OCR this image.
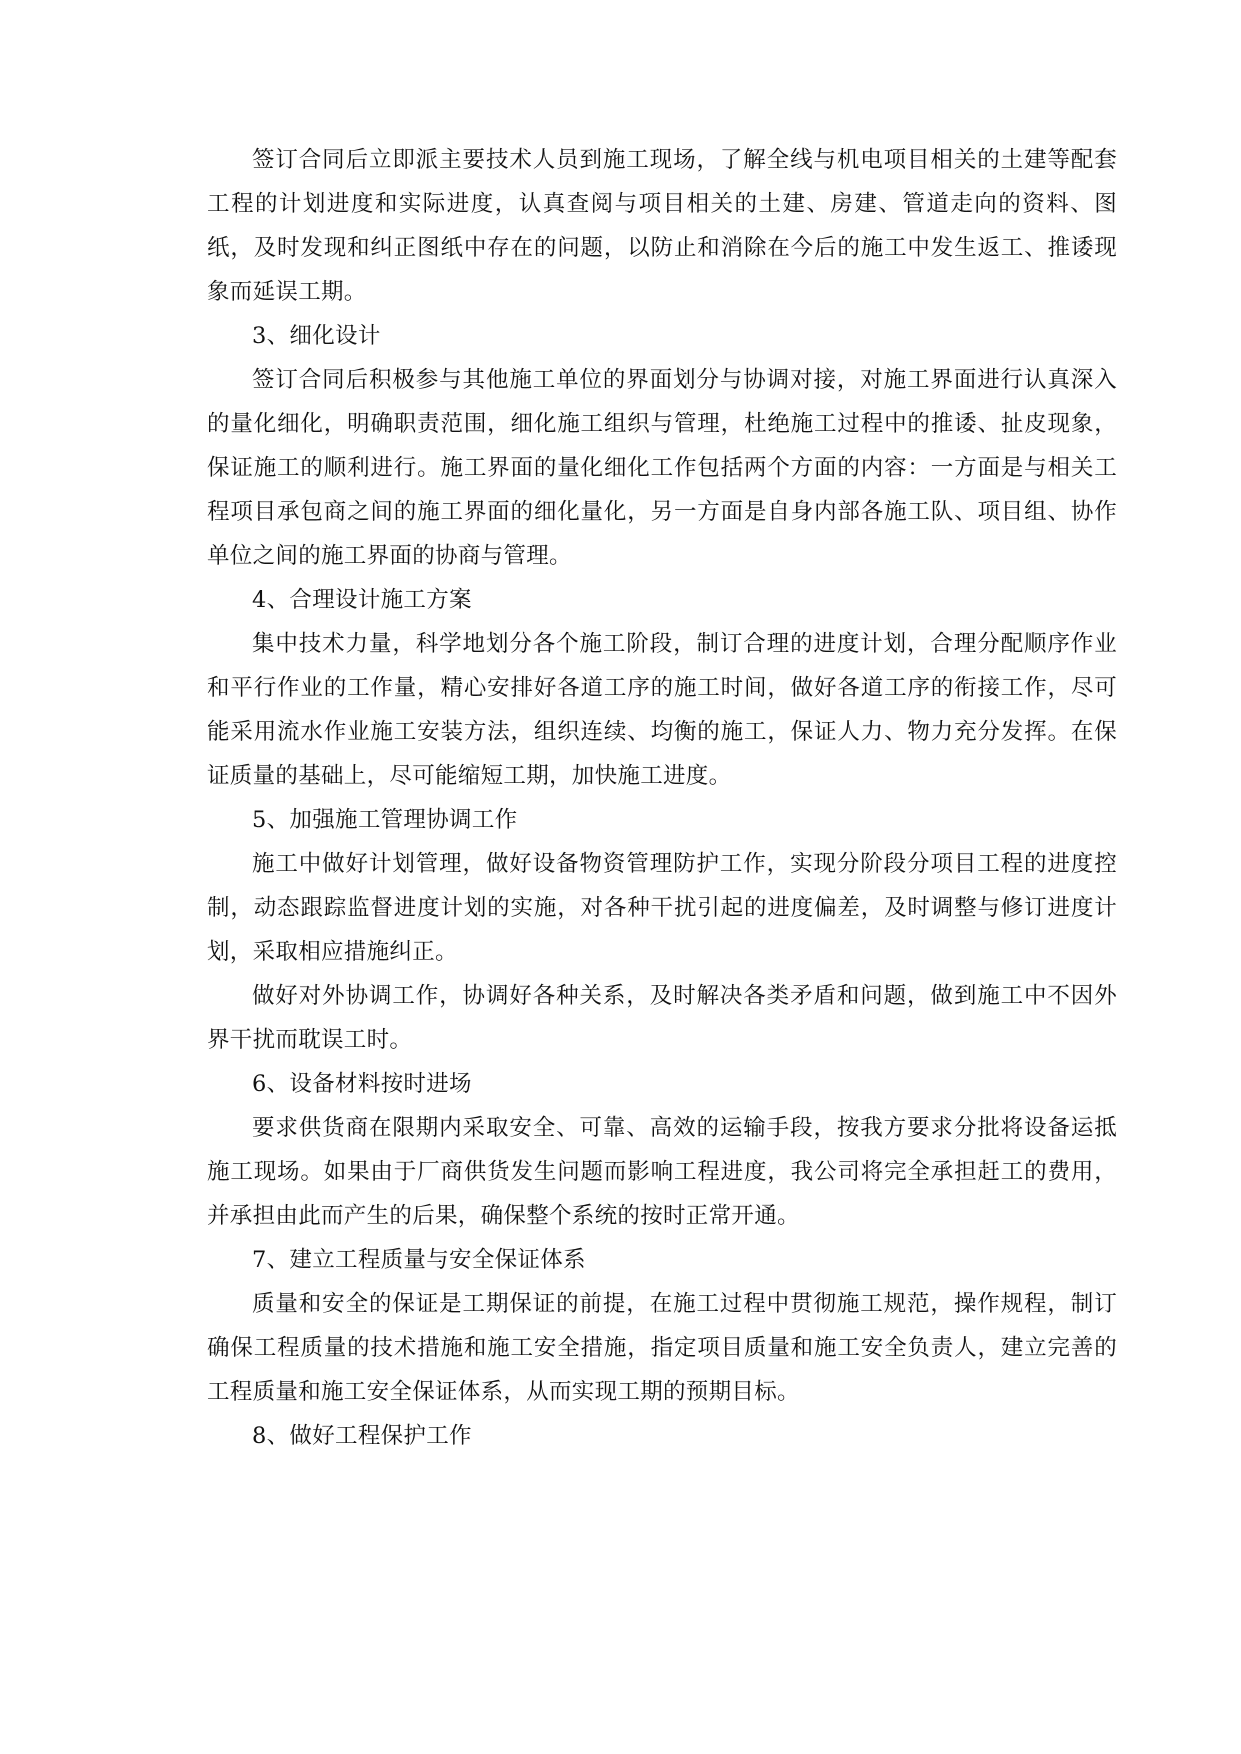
签订合同后立即派主要技术人员到施工现场，了解全线与机电项目相关的土建等配套工程的计划进度和实际进度，认真查阅与项目相关的土建、房建、管道走向的资料、图纸，及时发现和纠正图纸中存在的问题，以防止和消除在今后的施工中发生返工、推诿现象而延误工期。

3、细化设计

签订合同后积极参与其他施工单位的界面划分与协调对接，对施工界面进行认真深入的量化细化，明确职责范围，细化施工组织与管理，杜绝施工过程中的推诿、扯皮现象，保证施工的顺利进行。施工界面的量化细化工作包括两个方面的内容：一方面是与相关工程项目承包商之间的施工界面的细化量化，另一方面是自身内部各施工队、项目组、协作单位之间的施工界面的协商与管理。

4、合理设计施工方案

集中技术力量，科学地划分各个施工阶段，制订合理的进度计划，合理分配顺序作业和平行作业的工作量，精心安排好各道工序的施工时间，做好各道工序的衔接工作，尽可能采用流水作业施工安装方法，组织连续、均衡的施工，保证人力、物力充分发挥。在保证质量的基础上，尽可能缩短工期，加快施工进度。

5、加强施工管理协调工作

施工中做好计划管理，做好设备物资管理防护工作，实现分阶段分项目工程的进度控制，动态跟踪监督进度计划的实施，对各种干扰引起的进度偏差，及时调整与修订进度计划，采取相应措施纠正。

做好对外协调工作，协调好各种关系，及时解决各类矛盾和问题，做到施工中不因外界干扰而耽误工时。

6、设备材料按时进场

要求供货商在限期内采取安全、可靠、高效的运输手段，按我方要求分批将设备运抵施工现场。如果由于厂商供货发生问题而影响工程进度，我公司将完全承担赶工的费用，并承担由此而产生的后果，确保整个系统的按时正常开通。

7、建立工程质量与安全保证体系

质量和安全的保证是工期保证的前提，在施工过程中贯彻施工规范，操作规程，制订确保工程质量的技术措施和施工安全措施，指定项目质量和施工安全负责人，建立完善的工程质量和施工安全保证体系，从而实现工期的预期目标。

8、做好工程保护工作
